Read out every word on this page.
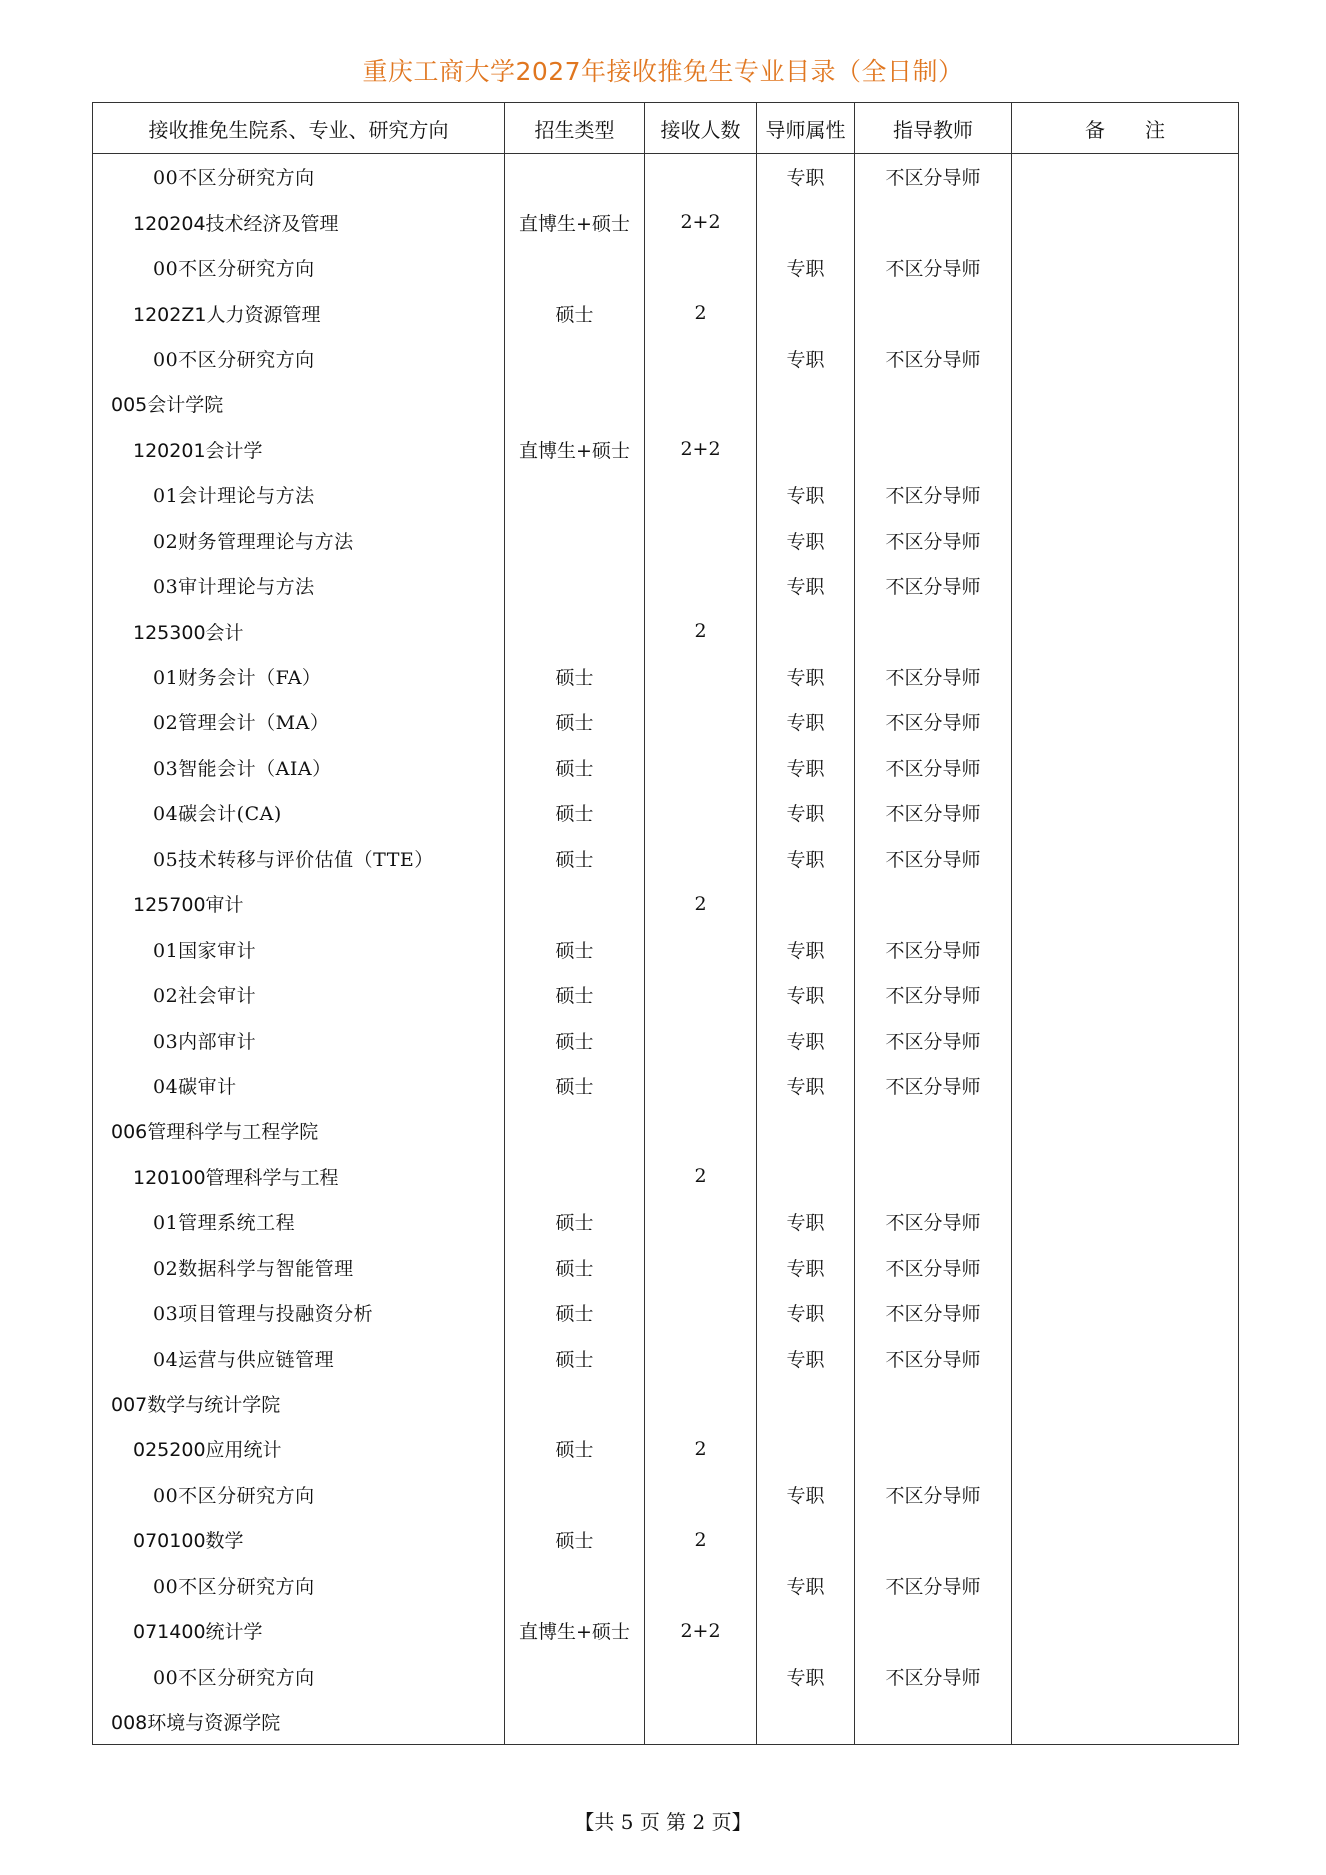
重庆工商大学2027年接收推免生专业目录（全日制）
接收推免生院系、专业、研究方向	招生类型	接收人数	导师属性	指导教师	备　　注
00不区分研究方向			专职	不区分导师	
120204技术经济及管理	直博生+硕士	2+2			
00不区分研究方向			专职	不区分导师	
1202Z1人力资源管理	硕士	2			
00不区分研究方向			专职	不区分导师	
005会计学院					
120201会计学	直博生+硕士	2+2			
01会计理论与方法			专职	不区分导师	
02财务管理理论与方法			专职	不区分导师	
03审计理论与方法			专职	不区分导师	
125300会计		2			
01财务会计（FA）	硕士		专职	不区分导师	
02管理会计（MA）	硕士		专职	不区分导师	
03智能会计（AIA）	硕士		专职	不区分导师	
04碳会计(CA)	硕士		专职	不区分导师	
05技术转移与评价估值（TTE）	硕士		专职	不区分导师	
125700审计		2			
01国家审计	硕士		专职	不区分导师	
02社会审计	硕士		专职	不区分导师	
03内部审计	硕士		专职	不区分导师	
04碳审计	硕士		专职	不区分导师	
006管理科学与工程学院					
120100管理科学与工程		2			
01管理系统工程	硕士		专职	不区分导师	
02数据科学与智能管理	硕士		专职	不区分导师	
03项目管理与投融资分析	硕士		专职	不区分导师	
04运营与供应链管理	硕士		专职	不区分导师	
007数学与统计学院					
025200应用统计	硕士	2			
00不区分研究方向			专职	不区分导师	
070100数学	硕士	2			
00不区分研究方向			专职	不区分导师	
071400统计学	直博生+硕士	2+2			
00不区分研究方向			专职	不区分导师	
008环境与资源学院					
【共 5 页 第 2 页】
